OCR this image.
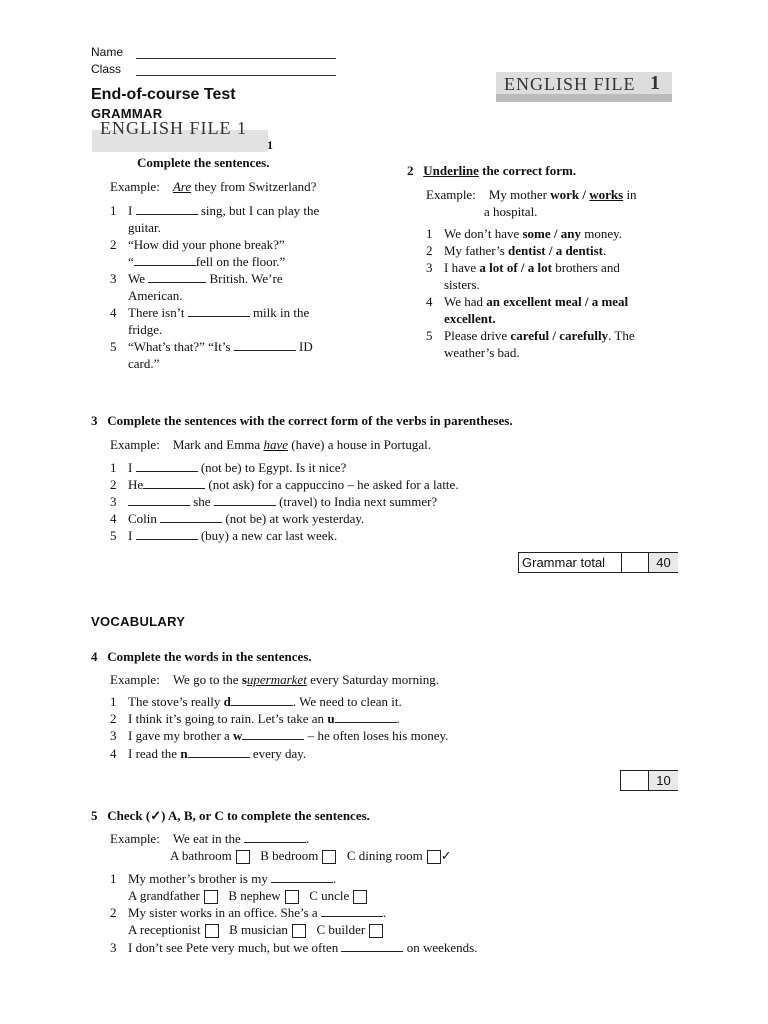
Name
Class
ENGLISH FILE 1
End-of-course Test
GRAMMAR
ENGLISH FILE 1
1
Complete the sentences.
Example: Are they from Switzerland?
1 I	sing, but I can play the
guitar.
2 “How did your phone break?”
“	fell on the floor.”
3 We	British. We’re
American.
4 There isn’t	milk in the
fridge.
5 “What’s that?” “It’s	ID
card.”
2 Underline the correct form.
Example: My mother work / works in
a hospital.
1 We don’t have some / any money.
2 My father’s dentist / a dentist.
3 I have a lot of / a lot brothers and
sisters.
4 We had an excellent meal / a meal
excellent.
5 Please drive careful / carefully. The
weather’s bad.
3 Complete the sentences with the correct form of the verbs in parentheses.
Example: Mark and Emma have (have) a house in Portugal.
1 I	(not be) to Egypt. Is it nice?
2 He	(not ask) for a cappuccino – he asked for a latte.
3	she	(travel) to India next summer?
4 Colin	(not be) at work yesterday.
5 I	(buy) a new car last week.
Grammar total	40
VOCABULARY
4 Complete the words in the sentences.
Example: We go to the supermarket every Saturday morning.
1 The stove’s really d	. We need to clean it.
2 I think it’s going to rain. Let’s take an u	.
3 I gave my brother a w	– he often loses his money.
4 I read the n	every day.
10
5 Check (✓) A, B, or C to complete the sentences.
Example: We eat in the	.
A bathroom B bedroom C dining room ✓
1 My mother’s brother is my	.
A grandfather B nephew C uncle
2 My sister works in an office. She’s a	.
A receptionist B musician C builder
3 I don’t see Pete very much, but we often	on weekends.
